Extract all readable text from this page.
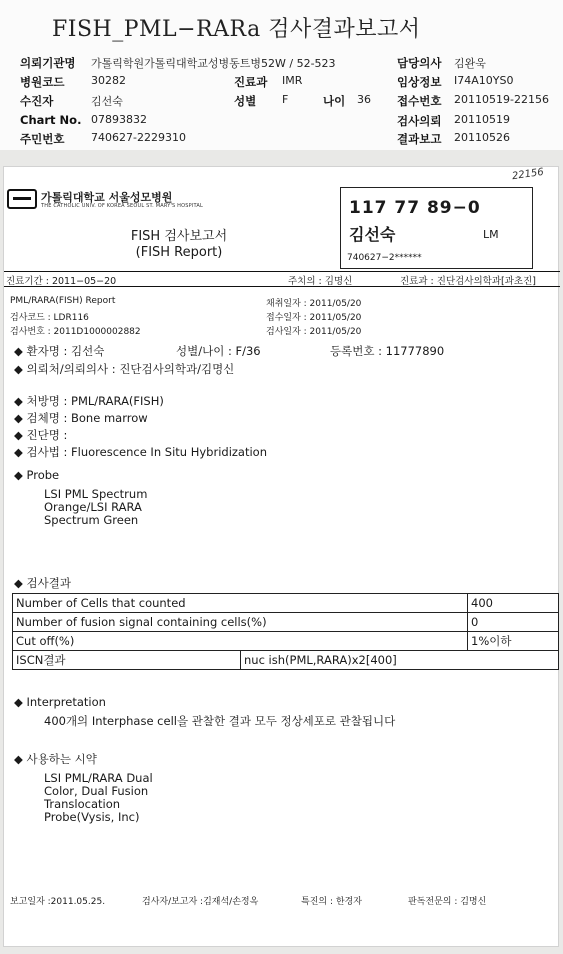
FISH_PML−RARa 검사결과보고서
의뢰기관명 가톨릭학원가톨릭대학교성병동트병52W / 52-523	담당의사 김완욱
병원코드 30282	진료과 IMR	임상정보 I74A10YS0
수진자	김선숙	성별 F	나이 36 접수번호 20110519-22156
Chart No. 07893832	검사의뢰 20110519
주민번호 740627-2229310	결과보고 20110526
가톨릭대학교 서울성모병원
THE CATHOLIC UNIV. OF KOREA SEOUL ST. MARY'S HOSPITAL
FISH 검사보고서
(FISH Report)
22156
117 77 89−0
김선숙	LM
740627−2******
진료기간 : 2011−05−20	주치의 : 김명신	진료과 : 진단검사의학과[과초진]
PML/RARA(FISH) Report
검사코드 : LDR116
검사번호 : 2011D1000002882
채취일자 : 2011/05/20
접수일자 : 2011/05/20
검사일자 : 2011/05/20
◆ 환자명 : 김선숙	성별/나이 : F/36	등록번호 : 11777890
◆ 의뢰처/의뢰의사 : 진단검사의학과/김명신
◆ 처방명 : PML/RARA(FISH)
◆ 검체명 : Bone marrow
◆ 진단명 :
◆ 검사법 : Fluorescence In Situ Hybridization
◆ Probe
LSI PML Spectrum
Orange/LSI RARA
Spectrum Green
◆ 검사결과
Number of Cells that counted		400
Number of fusion signal containing cells(%)		0
Cut off(%)		1%이하
ISCN결과	nuc ish(PML,RARA)x2[400]	
◆ Interpretation
400개의 Interphase cell을 관찰한 결과 모두 정상세포로 관찰됩니다
◆ 사용하는 시약
LSI PML/RARA Dual
Color, Dual Fusion
Translocation
Probe(Vysis, Inc)
보고일자 :2011.05.25.	검사자/보고자 :김재석/손정옥	특진의 : 한경자	판독전문의 : 김명신
